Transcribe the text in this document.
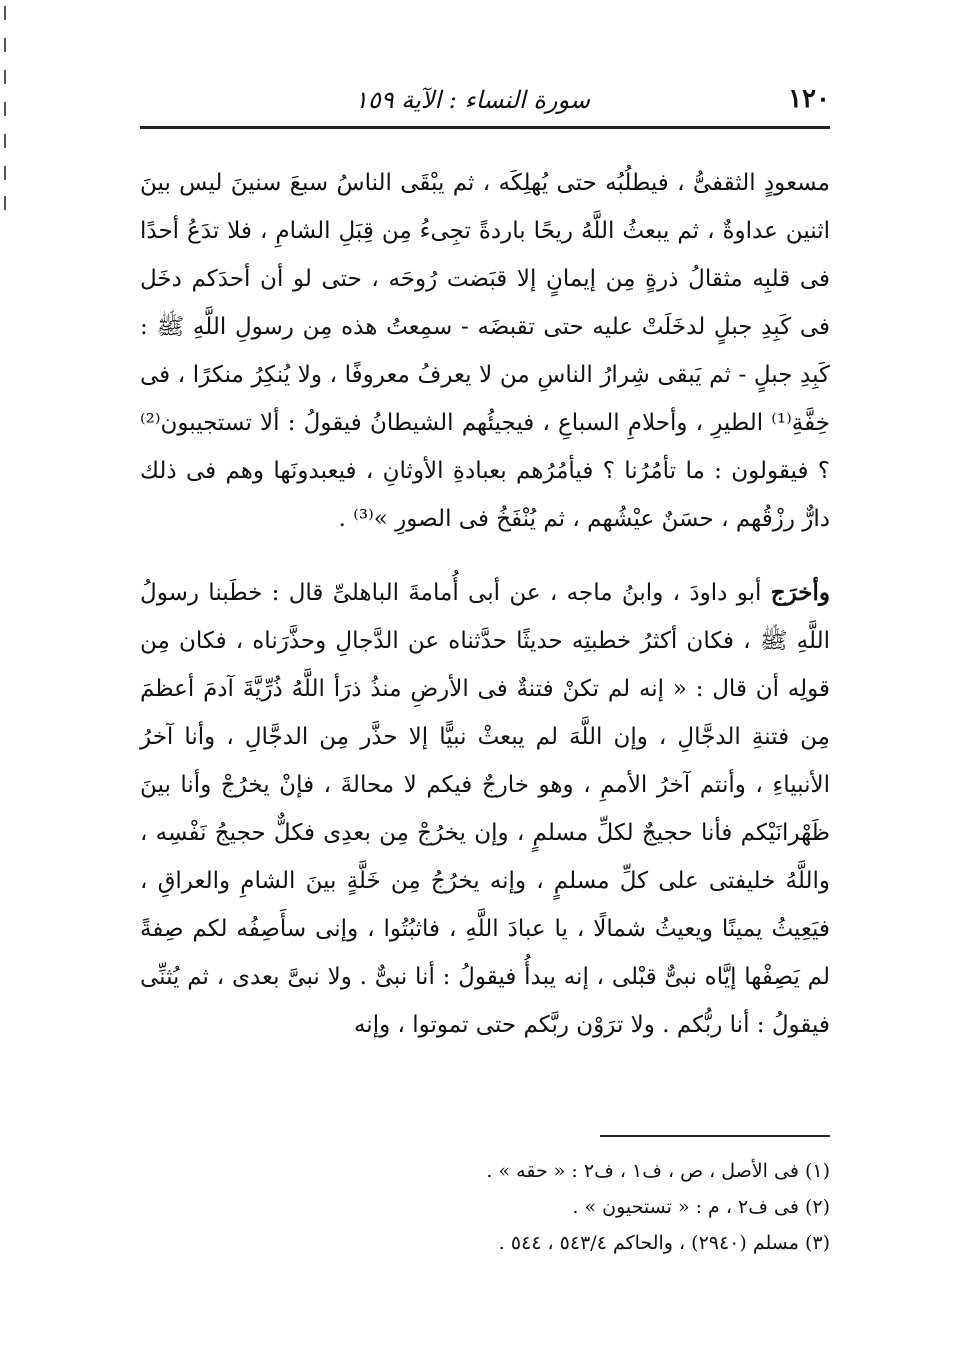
١٢٠
سورة النساء : الآية ١٥٩

مسعودٍ الثقفىُّ ، فيطلُبُه حتى يُهلِكَه ، ثم يبْقَى الناسُ سبعَ سنينَ ليس بينَ اثنين عداوةٌ ، ثم يبعثُ اللَّهُ ريحًا باردةً تجِىءُ مِن قِبَلِ الشامِ ، فلا تدَعُ أحدًا فى قلبِه مثقالُ ذرةٍ مِن إيمانٍ إلا قبَضت رُوحَه ، حتى لو أن أحدَكم دخَل فى كَبِدِ جبلٍ لدخَلَتْ عليه حتى تقبضَه - سمِعتُ هذه مِن رسولِ اللَّهِ ﷺ : كَبِدِ جبلٍ - ثم يَبقى شِرارُ الناسِ من لا يعرفُ معروفًا ، ولا يُنكِرُ منكرًا ، فى خِفَّةِ⁽¹⁾ الطيرِ ، وأحلامِ السباعِ ، فيجيئُهم الشيطانُ فيقولُ : ألا تستجيبون⁽²⁾ ؟ فيقولون : ما تأمُرُنا ؟ فيأمُرُهم بعبادةِ الأوثانِ ، فيعبدونَها وهم فى ذلك دارٌّ رزْقُهم ، حسَنٌ عيْشُهم ، ثم يُنْفَخُ فى الصورِ »⁽³⁾ .

وأخرَج أبو داودَ ، وابنُ ماجه ، عن أبى أُمامةَ الباهلىِّ قال : خطَبنا رسولُ اللَّهِ ﷺ ، فكان أكثرُ خطبتِه حديثًا حدَّثناه عن الدَّجالِ وحذَّرَناه ، فكان مِن قولِه أن قال : « إنه لم تكنْ فتنةٌ فى الأرضِ منذُ ذرَأ اللَّهُ ذُرِّيَّةَ آدمَ أعظمَ مِن فتنةِ الدجَّالِ ، وإن اللَّهَ لم يبعثْ نبيًّا إلا حذَّر مِن الدجَّالِ ، وأنا آخرُ الأنبياءِ ، وأنتم آخرُ الأممِ ، وهو خارجٌ فيكم لا محالةَ ، فإنْ يخرُجْ وأنا بينَ ظَهْرانَيْكم فأنا حجيجٌ لكلِّ مسلمٍ ، وإن يخرُجْ مِن بعدِى فكلٌّ حجيجُ نَفْسِه ، واللَّهُ خليفتى على كلِّ مسلمٍ ، وإنه يخرُجُ مِن خَلَّةٍ بينَ الشامِ والعراقِ ، فيَعِيثُ يمينًا ويعيثُ شمالًا ، يا عبادَ اللَّهِ ، فاثبُتُوا ، وإنى سأَصِفُه لكم صِفةً لم يَصِفْها إيَّاه نبىٌّ قبْلى ، إنه يبدأُ فيقولُ : أنا نبىٌّ . ولا نبىَّ بعدى ، ثم يُثنِّى فيقولُ : أنا ربُّكم . ولا ترَوْن ربَّكم حتى تموتوا ، وإنه

(١) فى الأصل ، ص ، ف١ ، ف٢ : « حقه » .

(٢) فى ف٢ ، م : « تستحيون » .

(٣) مسلم (٢٩٤٠) ، والحاكم ٥٤٣/٤ ، ٥٤٤ .
